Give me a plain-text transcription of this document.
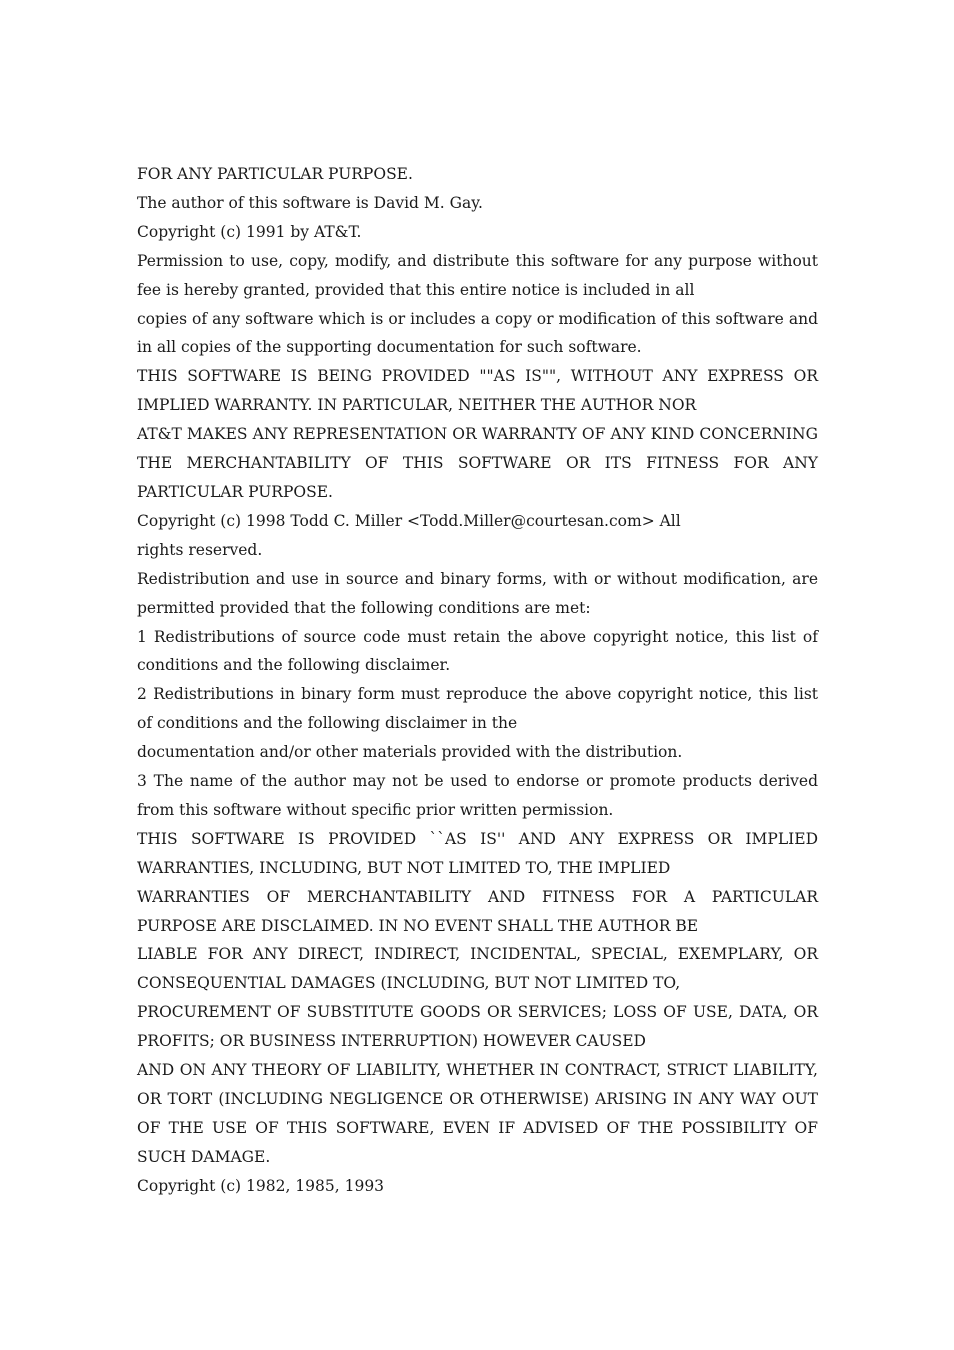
FOR ANY PARTICULAR PURPOSE.

The author of this software is David M. Gay.

Copyright (c) 1991 by AT&T.

Permission to use, copy, modify, and distribute this software for any purpose without fee is hereby granted, provided that this entire notice is included in all

copies of any software which is or includes a copy or modification of this software and in all copies of the supporting documentation for such software.

THIS SOFTWARE IS BEING PROVIDED ""AS IS"", WITHOUT ANY EXPRESS OR IMPLIED WARRANTY. IN PARTICULAR, NEITHER THE AUTHOR NOR

AT&T MAKES ANY REPRESENTATION OR WARRANTY OF ANY KIND CONCERNING THE MERCHANTABILITY OF THIS SOFTWARE OR ITS FITNESS FOR ANY PARTICULAR PURPOSE.

Copyright (c) 1998 Todd C. Miller <Todd.Miller@courtesan.com> All

rights reserved.

Redistribution and use in source and binary forms, with or without modification, are permitted provided that the following conditions are met:

1 Redistributions of source code must retain the above copyright notice, this list of conditions and the following disclaimer.

2 Redistributions in binary form must reproduce the above copyright notice, this list of conditions and the following disclaimer in the

documentation and/or other materials provided with the distribution.

3 The name of the author may not be used to endorse or promote products derived from this software without specific prior written permission.

THIS SOFTWARE IS PROVIDED ``AS IS'' AND ANY EXPRESS OR IMPLIED WARRANTIES, INCLUDING, BUT NOT LIMITED TO, THE IMPLIED

WARRANTIES OF MERCHANTABILITY AND FITNESS FOR A PARTICULAR PURPOSE ARE DISCLAIMED. IN NO EVENT SHALL THE AUTHOR BE

LIABLE FOR ANY DIRECT, INDIRECT, INCIDENTAL, SPECIAL, EXEMPLARY, OR CONSEQUENTIAL DAMAGES (INCLUDING, BUT NOT LIMITED TO,

PROCUREMENT OF SUBSTITUTE GOODS OR SERVICES; LOSS OF USE, DATA, OR PROFITS; OR BUSINESS INTERRUPTION) HOWEVER CAUSED

AND ON ANY THEORY OF LIABILITY, WHETHER IN CONTRACT, STRICT LIABILITY, OR TORT (INCLUDING NEGLIGENCE OR OTHERWISE) ARISING IN ANY WAY OUT OF THE USE OF THIS SOFTWARE, EVEN IF ADVISED OF THE POSSIBILITY OF SUCH DAMAGE.

Copyright (c) 1982, 1985, 1993
